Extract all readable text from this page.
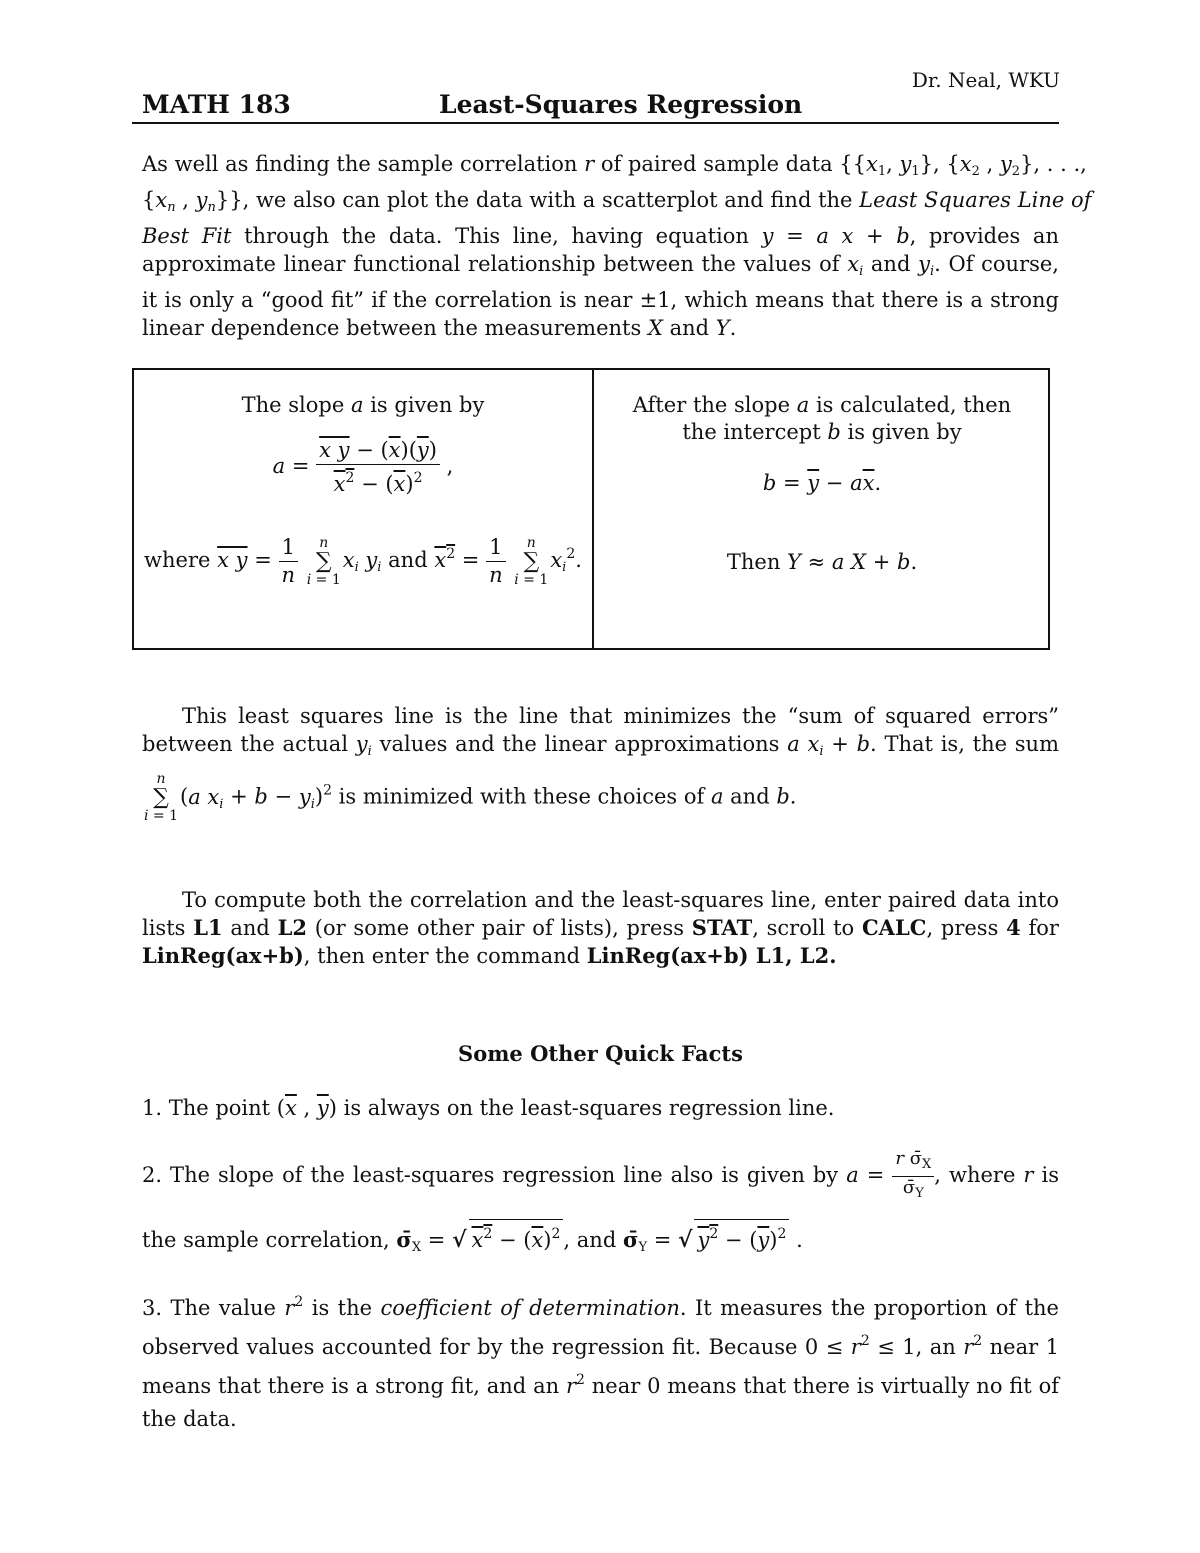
Dr. Neal, WKU
MATH 183	Least-Squares Regression
As well as finding the sample correlation r of paired sample data {{$x_1$, $y_1$}, {$x_2$ , $y_2$}, . . .,
{$x_n$ , $y_n$}}, we also can plot the data with a scatterplot and find the Least Squares Line of
Best Fit through the data. This line, having equation y = a x + b, provides an
approximate linear functional relationship between the values of $x_i$ and $y_i$. Of course,
it is only a “good fit” if the correlation is near ±1, which means that there is a strong
linear dependence between the measurements X and Y.
The slope a is given by
$a = \frac{x y - (\overline{x})(\overline{y})}{x^2 - (\overline{x})^2}$ ,
where x $y = \frac{1}{n}$
n
∑
i = 1
$x_i$ $y_i$ and $x^2 = \frac{1}{n}$
n
∑
i = 1
$x_i^2$.
After the slope a is calculated, then
the intercept b is given by
$b = \overline{y} - a\overline{x}$.
Then Y ≈ a X + b.
This least squares line is the line that minimizes the “sum of squared errors”
between the actual $y_i$ values and the linear approximations a $x_i + b$. That is, the sum
n
∑
i = 1
(a $x_i + b - y_i)^2$ is minimized with these choices of a and b.
To compute both the correlation and the least-squares line, enter paired data into
lists L1 and L2 (or some other pair of lists), press STAT, scroll to CALC, press 4 for
LinReg(ax+b), then enter the command LinReg(ax+b) L1, L2.
Some Other Quick Facts
1. The point ($\overline{x}$ , $\overline{y}$) is always on the least-squares regression line.
2. The slope of the least-squares regression line also is given by $a = \frac{r \sigmā_X}{\sigmā_Y}$ , where r is
the sample correlation, $\sigmā_X$ = √ $x^2 - (\overline{x})^2$ , and $\sigmā_Y$ = √ $y^2 - (\overline{y})^2$ .
3. The value $r^2$ is the coefficient of determination. It measures the proportion of the
observed values accounted for by the regression fit. Because $0 \le r^2 \le 1$, an $r^2$ near 1
means that there is a strong fit, and an $r^2$ near 0 means that there is virtually no fit of
the data.
